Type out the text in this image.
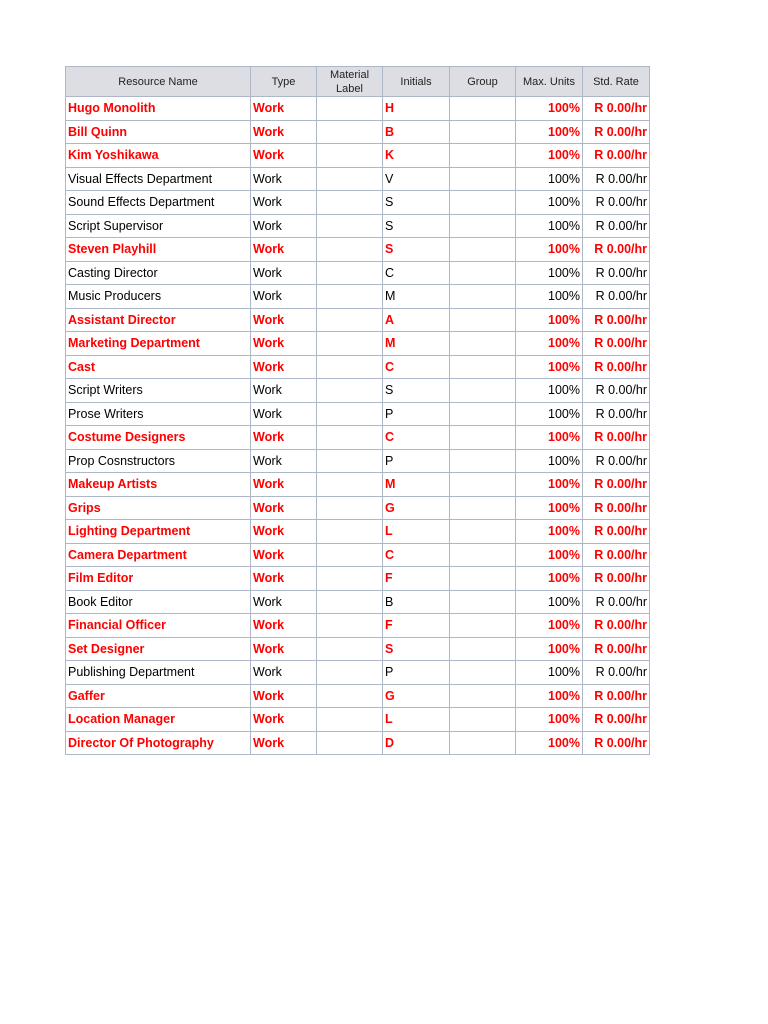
Resource Name	Type	Material Label	Initials	Group	Max. Units	Std. Rate
Hugo Monolith	Work		H		100%	R 0.00/hr
Bill Quinn	Work		B		100%	R 0.00/hr
Kim Yoshikawa	Work		K		100%	R 0.00/hr
Visual Effects Department	Work		V		100%	R 0.00/hr
Sound Effects Department	Work		S		100%	R 0.00/hr
Script Supervisor	Work		S		100%	R 0.00/hr
Steven Playhill	Work		S		100%	R 0.00/hr
Casting Director	Work		C		100%	R 0.00/hr
Music Producers	Work		M		100%	R 0.00/hr
Assistant Director	Work		A		100%	R 0.00/hr
Marketing Department	Work		M		100%	R 0.00/hr
Cast	Work		C		100%	R 0.00/hr
Script Writers	Work		S		100%	R 0.00/hr
Prose Writers	Work		P		100%	R 0.00/hr
Costume Designers	Work		C		100%	R 0.00/hr
Prop Cosnstructors	Work		P		100%	R 0.00/hr
Makeup Artists	Work		M		100%	R 0.00/hr
Grips	Work		G		100%	R 0.00/hr
Lighting Department	Work		L		100%	R 0.00/hr
Camera Department	Work		C		100%	R 0.00/hr
Film Editor	Work		F		100%	R 0.00/hr
Book Editor	Work		B		100%	R 0.00/hr
Financial Officer	Work		F		100%	R 0.00/hr
Set Designer	Work		S		100%	R 0.00/hr
Publishing Department	Work		P		100%	R 0.00/hr
Gaffer	Work		G		100%	R 0.00/hr
Location Manager	Work		L		100%	R 0.00/hr
Director Of Photography	Work		D		100%	R 0.00/hr
